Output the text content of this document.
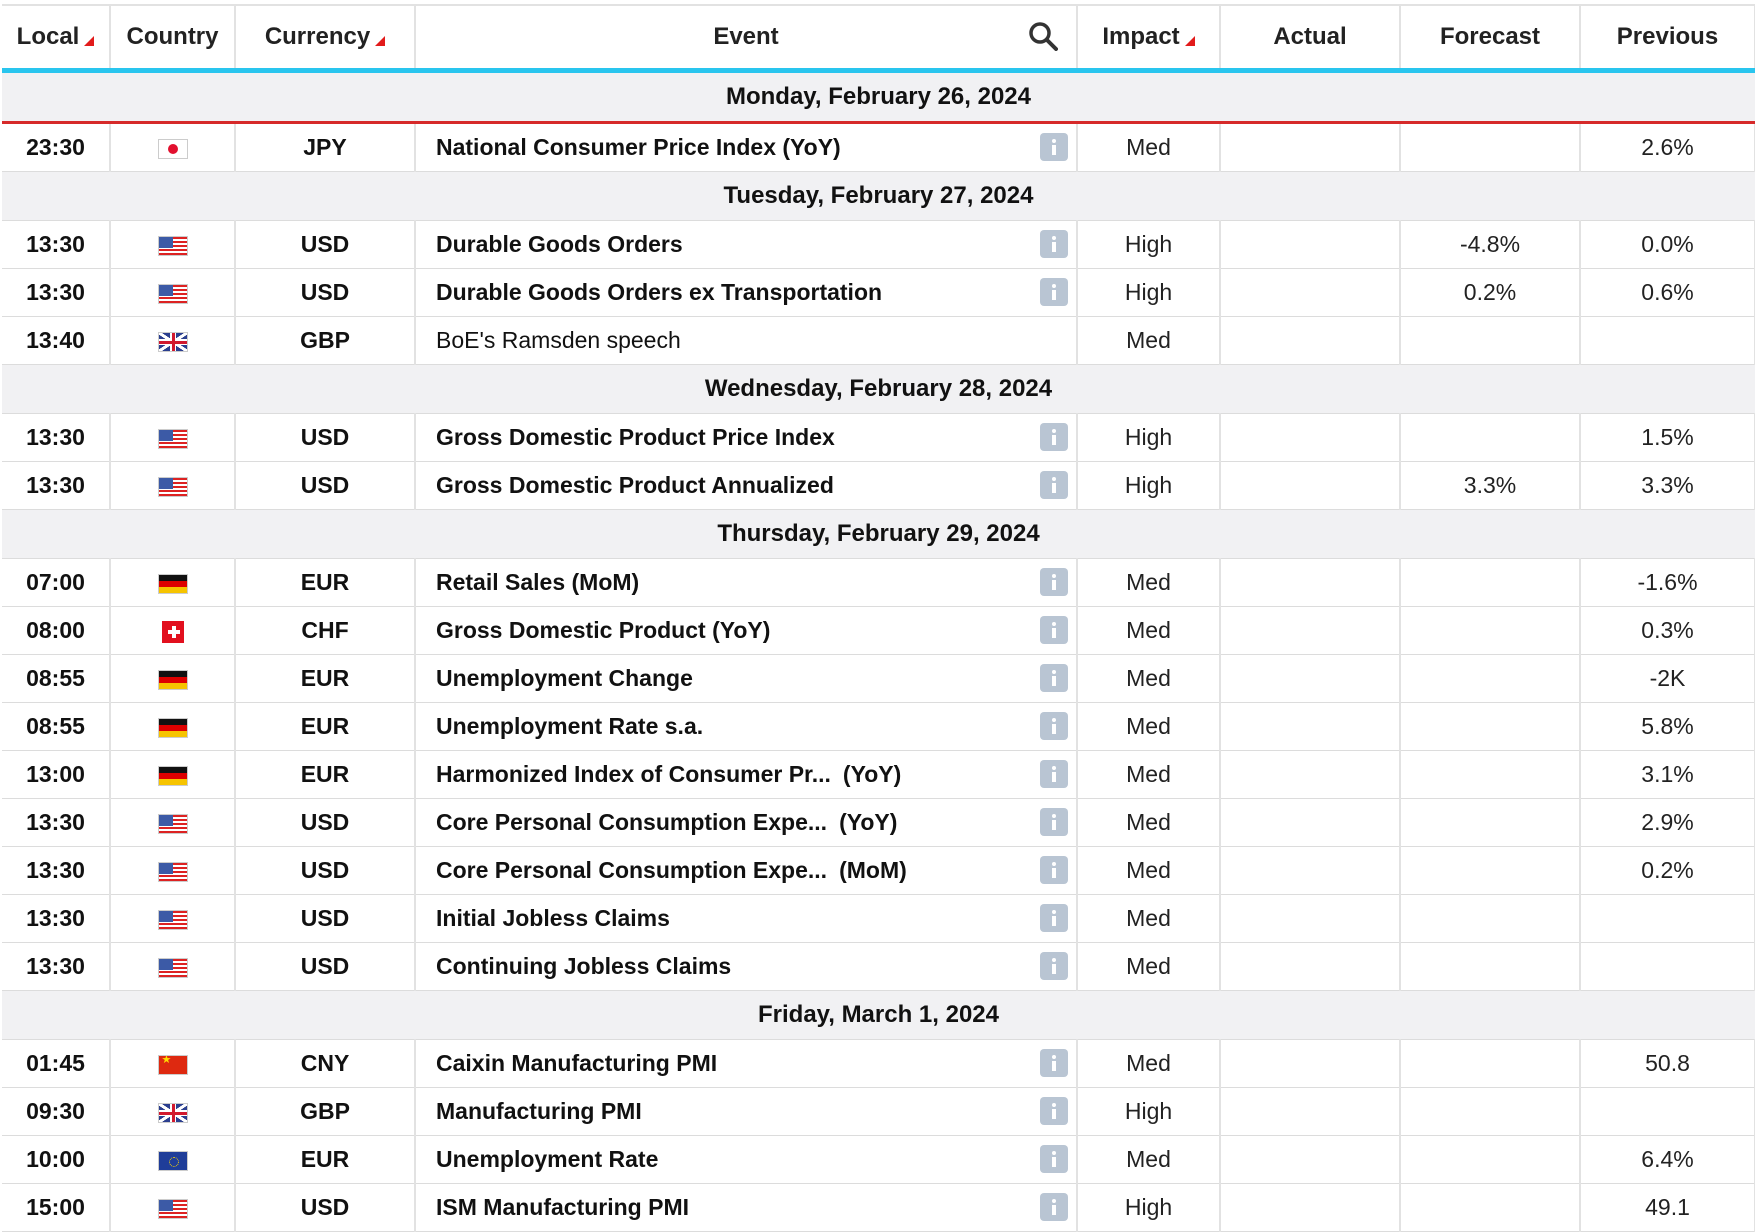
Local	Country	Currency	Event	Impact	Actual	Forecast	Previous
Monday, February 26, 2024							
23:30		JPY	National Consumer Price Index (YoY)	Med			2.6%
Tuesday, February 27, 2024							
13:30		USD	Durable Goods Orders	High		-4.8%	0.0%
13:30		USD	Durable Goods Orders ex Transportation	High		0.2%	0.6%
13:40		GBP	BoE's Ramsden speech	Med			
Wednesday, February 28, 2024							
13:30		USD	Gross Domestic Product Price Index	High			1.5%
13:30		USD	Gross Domestic Product Annualized	High		3.3%	3.3%
Thursday, February 29, 2024							
07:00		EUR	Retail Sales (MoM)	Med			-1.6%
08:00		CHF	Gross Domestic Product (YoY)	Med			0.3%
08:55		EUR	Unemployment Change	Med			-2K
08:55		EUR	Unemployment Rate s.a.	Med			5.8%
13:00		EUR	Harmonized Index of Consumer Pr... (YoY)	Med			3.1%
13:30		USD	Core Personal Consumption Expe... (YoY)	Med			2.9%
13:30		USD	Core Personal Consumption Expe... (MoM)	Med			0.2%
13:30		USD	Initial Jobless Claims	Med			
13:30		USD	Continuing Jobless Claims	Med			
Friday, March 1, 2024							
01:45	★	CNY	Caixin Manufacturing PMI	Med			50.8
09:30		GBP	Manufacturing PMI	High			
10:00		EUR	Unemployment Rate	Med			6.4%
15:00		USD	ISM Manufacturing PMI	High			49.1
